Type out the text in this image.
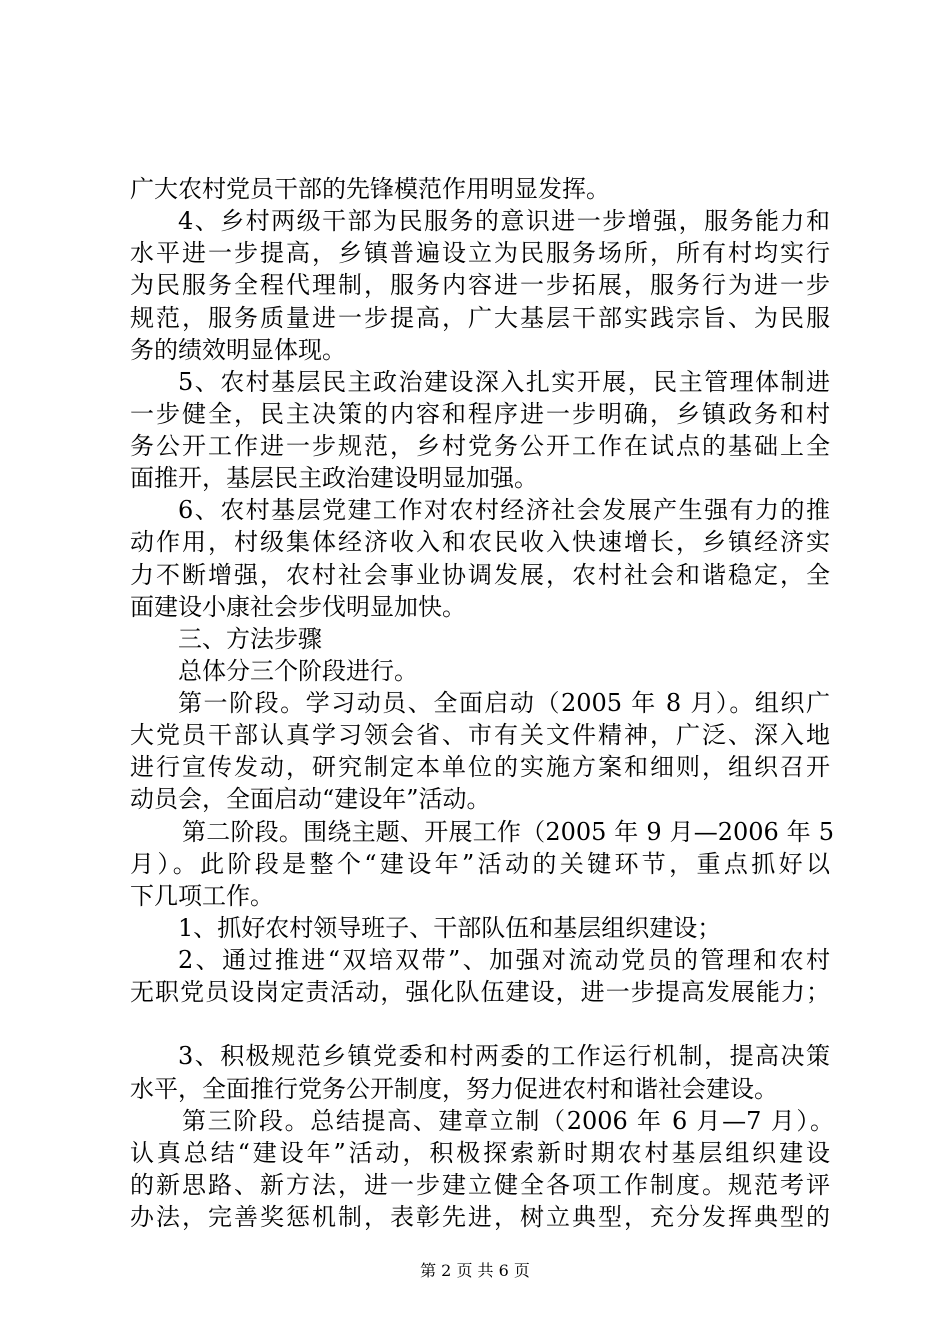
广大农村党员干部的先锋模范作用明显发挥。
4、乡村两级干部为民服务的意识进一步增强，服务能力和
水平进一步提高，乡镇普遍设立为民服务场所，所有村均实行
为民服务全程代理制，服务内容进一步拓展，服务行为进一步
规范，服务质量进一步提高，广大基层干部实践宗旨、为民服
务的绩效明显体现。
5、农村基层民主政治建设深入扎实开展，民主管理体制进
一步健全，民主决策的内容和程序进一步明确，乡镇政务和村
务公开工作进一步规范，乡村党务公开工作在试点的基础上全
面推开，基层民主政治建设明显加强。
6、农村基层党建工作对农村经济社会发展产生强有力的推
动作用，村级集体经济收入和农民收入快速增长，乡镇经济实
力不断增强，农村社会事业协调发展，农村社会和谐稳定，全
面建设小康社会步伐明显加快。
三、方法步骤
总体分三个阶段进行。
第一阶段。学习动员、全面启动（2005 年 8 月）。组织广
大党员干部认真学习领会省、市有关文件精神，广泛、深入地
进行宣传发动，研究制定本单位的实施方案和细则，组织召开
动员会，全面启动“建设年”活动。
第二阶段。围绕主题、开展工作（2005 年 9 月—2006 年 5
月）。此阶段是整个“建设年”活动的关键环节，重点抓好以
下几项工作。
1、抓好农村领导班子、干部队伍和基层组织建设；
2、通过推进“双培双带”、加强对流动党员的管理和农村
无职党员设岗定责活动，强化队伍建设，进一步提高发展能力；
3、积极规范乡镇党委和村两委的工作运行机制，提高决策
水平，全面推行党务公开制度，努力促进农村和谐社会建设。
第三阶段。总结提高、建章立制（2006 年 6 月—7 月）。
认真总结“建设年”活动，积极探索新时期农村基层组织建设
的新思路、新方法，进一步建立健全各项工作制度。规范考评
办法，完善奖惩机制，表彰先进，树立典型，充分发挥典型的
第 2 页 共 6 页
